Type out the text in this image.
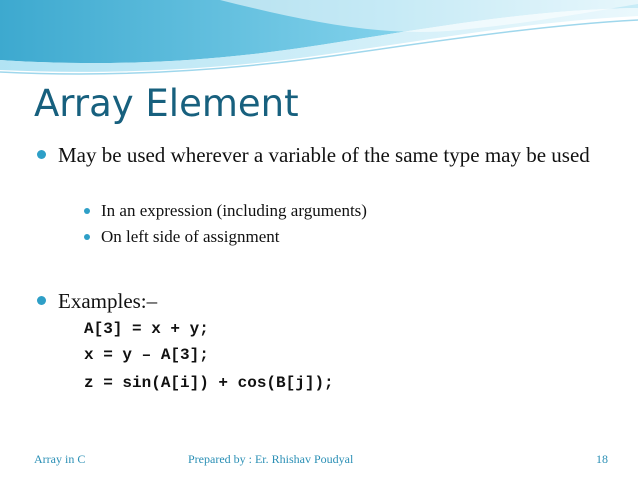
Array Element
May be used wherever a variable of the same type may be used
In an expression (including arguments)
On left side of assignment
Examples:–
A[3] = x + y;
x = y – A[3];
z = sin(A[i]) + cos(B[j]);
Array in C	Prepared by : Er. Rhishav Poudyal	18
